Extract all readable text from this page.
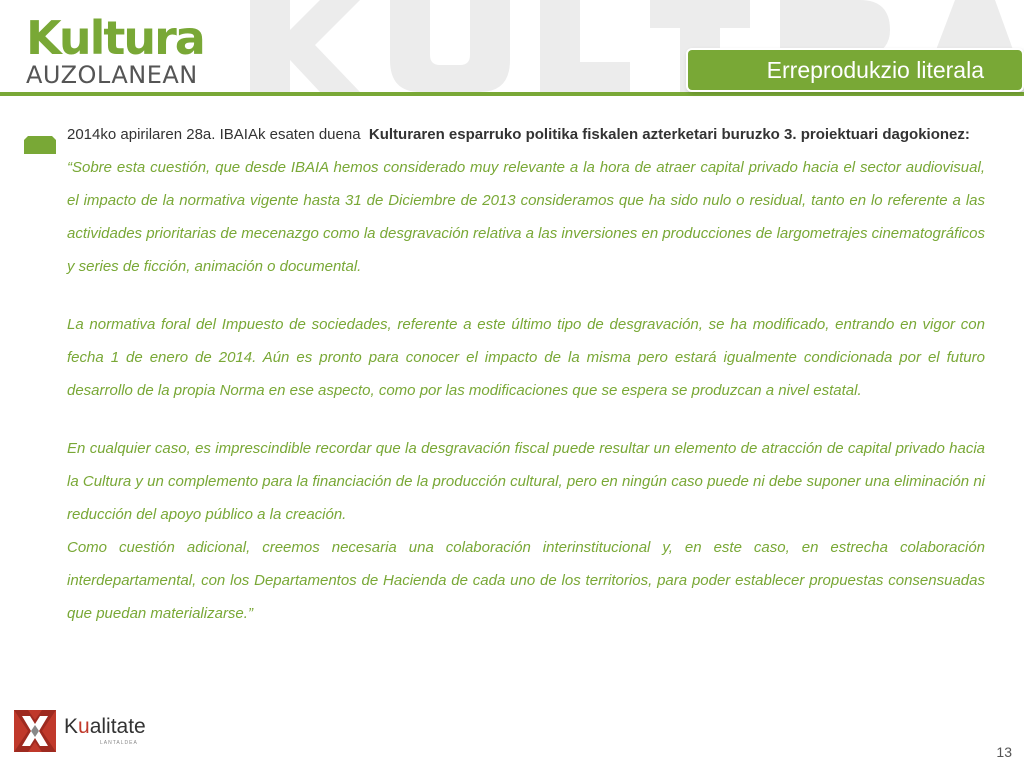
Kultura
AUZOLANEAN	Erreprodukzio literala

2014ko apirilaren 28a. IBAIAk esaten duena Kulturaren esparruko politika fiskalen azterketari buruzko 3. proiektuari dagokionez:

“Sobre esta cuestión, que desde IBAIA hemos considerado muy relevante a la hora de atraer capital privado hacia el sector audiovisual, el impacto de la normativa vigente hasta 31 de Diciembre de 2013 consideramos que ha sido nulo o residual, tanto en lo referente a las actividades prioritarias de mecenazgo como la desgravación relativa a las inversiones en producciones de largometrajes cinematográficos y series de ficción, animación o documental.

La normativa foral del Impuesto de sociedades, referente a este último tipo de desgravación, se ha modificado, entrando en vigor con fecha 1 de enero de 2014. Aún es pronto para conocer el impacto de la misma pero estará igualmente condicionada por el futuro desarrollo de la propia Norma en ese aspecto, como por las modificaciones que se espera se produzcan a nivel estatal.

En cualquier caso, es imprescindible recordar que la desgravación fiscal puede resultar un elemento de atracción de capital privado hacia la Cultura y un complemento para la financiación de la producción cultural, pero en ningún caso puede ni debe suponer una eliminación ni reducción del apoyo público a la creación.

Como cuestión adicional, creemos necesaria una colaboración interinstitucional y, en este caso, en estrecha colaboración interdepartamental, con los Departamentos de Hacienda de cada uno de los territorios, para poder establecer propuestas consensuadas que puedan materializarse.”

Kualitate
LANTALDEA
13
